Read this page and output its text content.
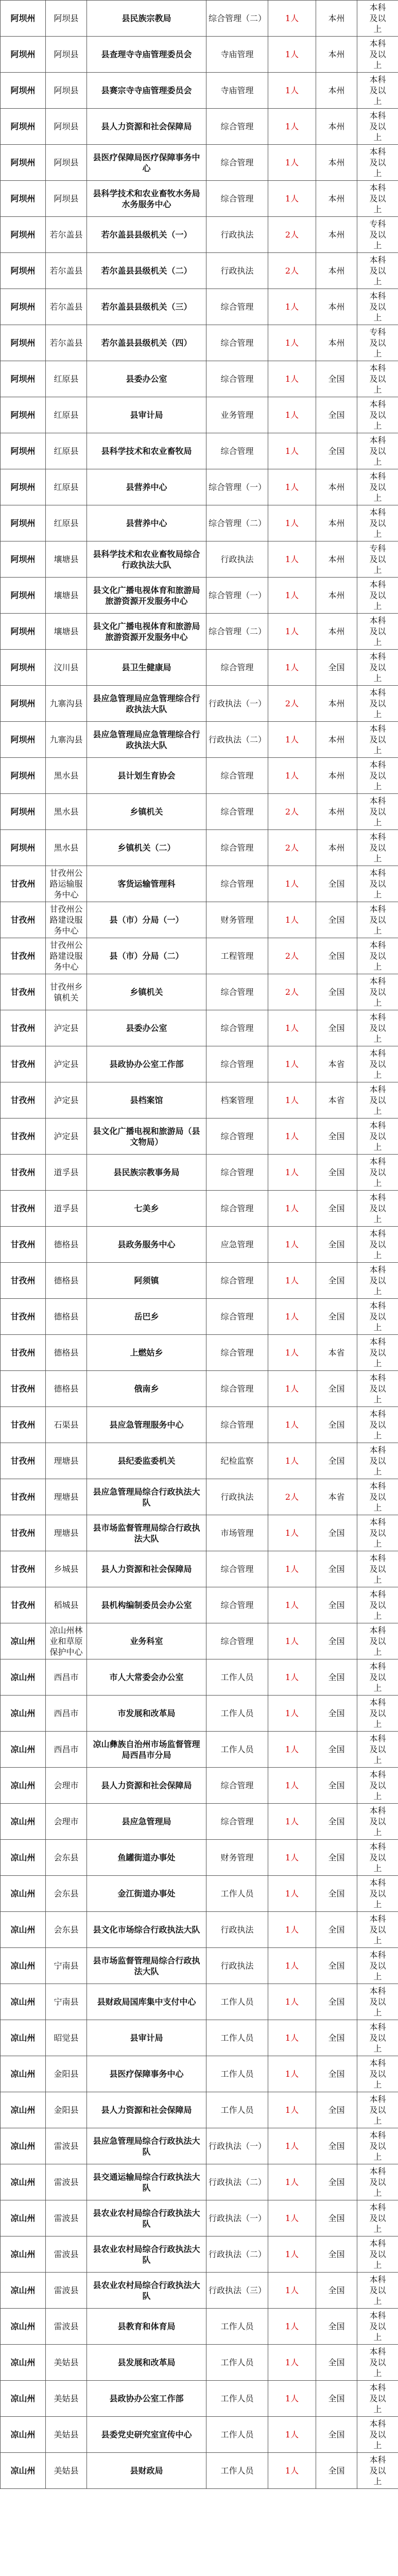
阿坝州	阿坝县	县民族宗教局	综合管理（二）	1人	本州	本科及以上
阿坝州	阿坝县	县查理寺寺庙管理委员会	寺庙管理	1人	本州	本科及以上
阿坝州	阿坝县	县赛宗寺寺庙管理委员会	寺庙管理	1人	本州	本科及以上
阿坝州	阿坝县	县人力资源和社会保障局	综合管理	1人	本州	本科及以上
阿坝州	阿坝县	县医疗保障局医疗保障事务中心	综合管理	1人	本州	本科及以上
阿坝州	阿坝县	县科学技术和农业畜牧水务局水务服务中心	综合管理	1人	本州	本科及以上
阿坝州	若尔盖县	若尔盖县县级机关（一）	行政执法	2人	本州	专科及以上
阿坝州	若尔盖县	若尔盖县县级机关（二）	行政执法	2人	本州	本科及以上
阿坝州	若尔盖县	若尔盖县县级机关（三）	综合管理	1人	本州	本科及以上
阿坝州	若尔盖县	若尔盖县县级机关（四）	综合管理	1人	本州	专科及以上
阿坝州	红原县	县委办公室	综合管理	1人	全国	本科及以上
阿坝州	红原县	县审计局	业务管理	1人	全国	本科及以上
阿坝州	红原县	县科学技术和农业畜牧局	综合管理	1人	全国	本科及以上
阿坝州	红原县	县营养中心	综合管理（一）	1人	本州	本科及以上
阿坝州	红原县	县营养中心	综合管理（二）	1人	本州	本科及以上
阿坝州	壤塘县	县科学技术和农业畜牧局综合行政执法大队	行政执法	1人	本州	专科及以上
阿坝州	壤塘县	县文化广播电视体育和旅游局旅游资源开发服务中心	综合管理（一）	1人	本州	本科及以上
阿坝州	壤塘县	县文化广播电视体育和旅游局旅游资源开发服务中心	综合管理（二）	1人	本州	本科及以上
阿坝州	汶川县	县卫生健康局	综合管理	1人	全国	本科及以上
阿坝州	九寨沟县	县应急管理局应急管理综合行政执法大队	行政执法（一）	2人	本州	本科及以上
阿坝州	九寨沟县	县应急管理局应急管理综合行政执法大队	行政执法（二）	1人	本州	本科及以上
阿坝州	黑水县	县计划生育协会	综合管理	1人	本州	本科及以上
阿坝州	黑水县	乡镇机关	综合管理	2人	本州	本科及以上
阿坝州	黑水县	乡镇机关（二）	综合管理	2人	本州	本科及以上
甘孜州	甘孜州公路运输服务中心	客货运输管理科	综合管理	1人	全国	本科及以上
甘孜州	甘孜州公路建设服务中心	县（市）分局（一）	财务管理	1人	全国	本科及以上
甘孜州	甘孜州公路建设服务中心	县（市）分局（二）	工程管理	2人	全国	本科及以上
甘孜州	甘孜州乡镇机关	乡镇机关	综合管理	2人	全国	本科及以上
甘孜州	泸定县	县委办公室	综合管理	1人	全国	本科及以上
甘孜州	泸定县	县政协办公室工作部	综合管理	1人	本省	本科及以上
甘孜州	泸定县	县档案馆	档案管理	1人	本省	本科及以上
甘孜州	泸定县	县文化广播电视和旅游局（县文物局）	综合管理	1人	全国	本科及以上
甘孜州	道孚县	县民族宗教事务局	综合管理	1人	全国	本科及以上
甘孜州	道孚县	七美乡	综合管理	1人	全国	本科及以上
甘孜州	德格县	县政务服务中心	应急管理	1人	全国	本科及以上
甘孜州	德格县	阿须镇	综合管理	1人	全国	本科及以上
甘孜州	德格县	岳巴乡	综合管理	1人	全国	本科及以上
甘孜州	德格县	上燃姑乡	综合管理	1人	本省	本科及以上
甘孜州	德格县	俄南乡	综合管理	1人	全国	本科及以上
甘孜州	石渠县	县应急管理服务中心	综合管理	1人	全国	本科及以上
甘孜州	理塘县	县纪委监委机关	纪检监察	1人	全国	本科及以上
甘孜州	理塘县	县应急管理局综合行政执法大队	行政执法	2人	本省	本科及以上
甘孜州	理塘县	县市场监督管理局综合行政执法大队	市场管理	1人	全国	本科及以上
甘孜州	乡城县	县人力资源和社会保障局	综合管理	1人	全国	本科及以上
甘孜州	稻城县	县机构编制委员会办公室	综合管理	1人	全国	本科及以上
凉山州	凉山州林业和草原保护中心	业务科室	综合管理	1人	全国	本科及以上
凉山州	西昌市	市人大常委会办公室	工作人员	1人	全国	本科及以上
凉山州	西昌市	市发展和改革局	工作人员	1人	全国	本科及以上
凉山州	西昌市	凉山彝族自治州市场监督管理局西昌市分局	工作人员	1人	全国	本科及以上
凉山州	会理市	县人力资源和社会保障局	综合管理	1人	全国	本科及以上
凉山州	会理市	县应急管理局	综合管理	1人	全国	本科及以上
凉山州	会东县	鱼罐街道办事处	财务管理	1人	全国	本科及以上
凉山州	会东县	金江街道办事处	工作人员	1人	全国	本科及以上
凉山州	会东县	县文化市场综合行政执法大队	行政执法	1人	全国	本科及以上
凉山州	宁南县	县市场监督管理局综合行政执法大队	行政执法	1人	全国	本科及以上
凉山州	宁南县	县财政局国库集中支付中心	工作人员	1人	全国	本科及以上
凉山州	昭觉县	县审计局	工作人员	1人	全国	本科及以上
凉山州	金阳县	县医疗保障事务中心	工作人员	1人	全国	本科及以上
凉山州	金阳县	县人力资源和社会保障局	工作人员	1人	全国	本科及以上
凉山州	雷波县	县应急管理局综合行政执法大队	行政执法（一）	1人	全国	本科及以上
凉山州	雷波县	县交通运输局综合行政执法大队	行政执法（二）	1人	全国	本科及以上
凉山州	雷波县	县农业农村局综合行政执法大队	行政执法（一）	1人	全国	本科及以上
凉山州	雷波县	县农业农村局综合行政执法大队	行政执法（二）	1人	全国	本科及以上
凉山州	雷波县	县农业农村局综合行政执法大队	行政执法（三）	1人	全国	本科及以上
凉山州	雷波县	县教育和体育局	工作人员	1人	全国	本科及以上
凉山州	美姑县	县发展和改革局	工作人员	1人	全国	本科及以上
凉山州	美姑县	县政协办公室工作部	工作人员	1人	全国	本科及以上
凉山州	美姑县	县委党史研究室宣传中心	工作人员	1人	全国	本科及以上
凉山州	美姑县	县财政局	工作人员	1人	全国	本科及以上
